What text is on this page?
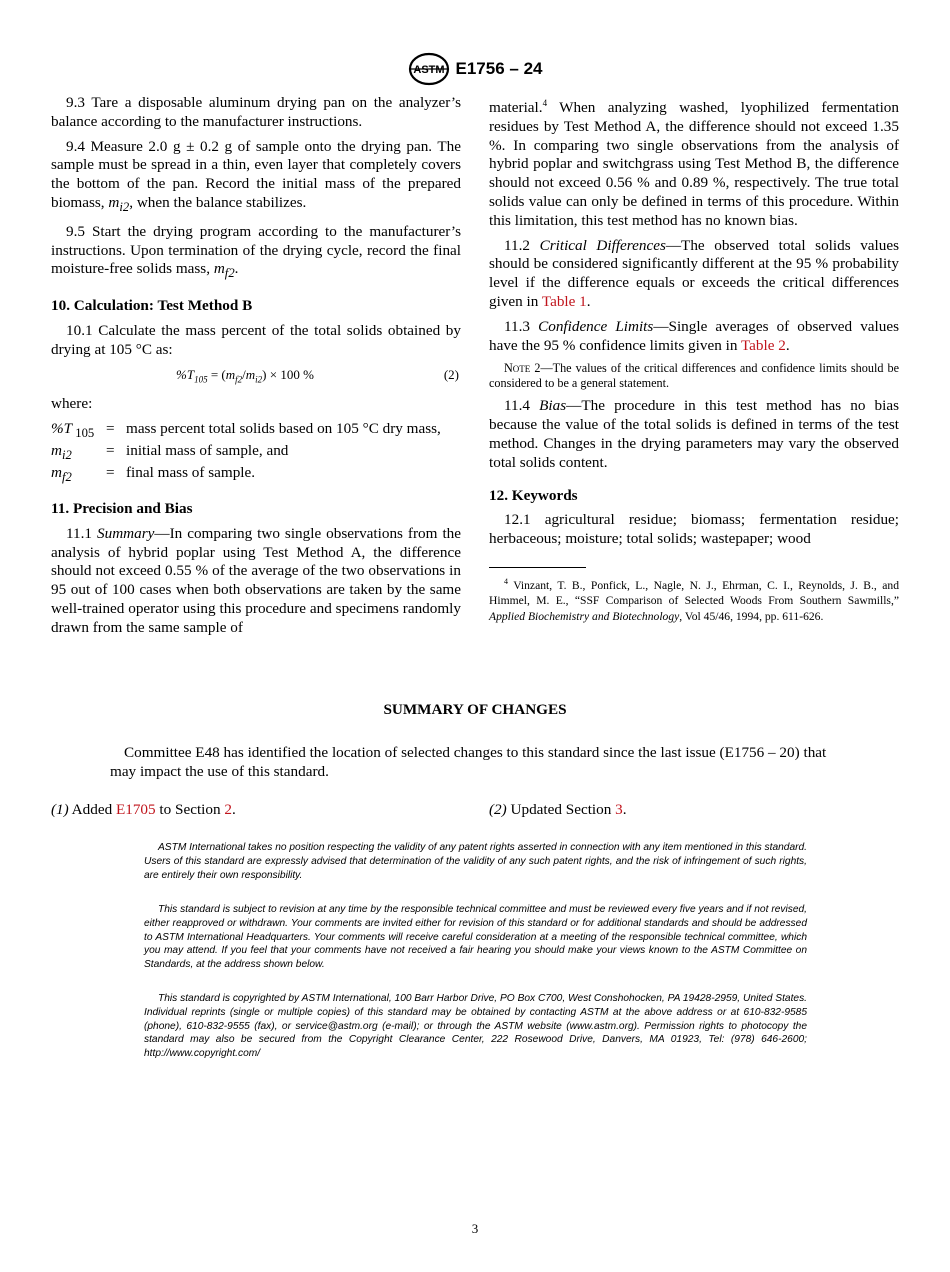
ASTM E1756 – 24

9.3 Tare a disposable aluminum drying pan on the analyzer’s balance according to the manufacturer instructions.

9.4 Measure 2.0 g ± 0.2 g of sample onto the drying pan. The sample must be spread in a thin, even layer that completely covers the bottom of the pan. Record the initial mass of the prepared biomass, $m_{i2}$, when the balance stabilizes.

9.5 Start the drying program according to the manufacturer’s instructions. Upon termination of the drying cycle, record the final moisture-free solids mass, $m_{f2}$.

10. Calculation: Test Method B

10.1 Calculate the mass percent of the total solids obtained by drying at 105 °C as:

$\%T_{105} = (m_{f2}/m_{i2}) \times 100$ %	(2)

where:

%T $_{105}$	=	mass percent total solids based on 105 °C dry mass,
$m_{i2}$	=	initial mass of sample, and
$m_{f2}$	=	final mass of sample.
11. Precision and Bias

11.1 Summary—In comparing two single observations from the analysis of hybrid poplar using Test Method A, the difference should not exceed 0.55 % of the average of the two observations in 95 out of 100 cases when both observations are taken by the same well-trained operator using this procedure and specimens randomly drawn from the same sample of

material.$^4$ When analyzing washed, lyophilized fermentation residues by Test Method A, the difference should not exceed 1.35 %. In comparing two single observations from the analysis of hybrid poplar and switchgrass using Test Method B, the difference should not exceed 0.56 % and 0.89 %, respectively. The true total solids value can only be defined in terms of this procedure. Within this limitation, this test method has no known bias.

11.2 Critical Differences—The observed total solids values should be considered significantly different at the 95 % probability level if the difference equals or exceeds the critical differences given in Table 1.

11.3 Confidence Limits—Single averages of observed values have the 95 % confidence limits given in Table 2.

Note 2—The values of the critical differences and confidence limits should be considered to be a general statement.

11.4 Bias—The procedure in this test method has no bias because the value of the total solids is defined in terms of the test method. Changes in the drying parameters may vary the observed total solids content.

12. Keywords

12.1 agricultural residue; biomass; fermentation residue; herbaceous; moisture; total solids; wastepaper; wood

$^4$ Vinzant, T. B., Ponfick, L., Nagle, N. J., Ehrman, C. I., Reynolds, J. B., and Himmel, M. E., “SSF Comparison of Selected Woods From Southern Sawmills,” Applied Biochemistry and Biotechnology, Vol 45/46, 1994, pp. 611-626.

SUMMARY OF CHANGES

Committee E48 has identified the location of selected changes to this standard since the last issue (E1756 – 20) that may impact the use of this standard.

(1) Added E1705 to Section 2.	(2) Updated Section 3.

ASTM International takes no position respecting the validity of any patent rights asserted in connection with any item mentioned in this standard. Users of this standard are expressly advised that determination of the validity of any such patent rights, and the risk of infringement of such rights, are entirely their own responsibility.

This standard is subject to revision at any time by the responsible technical committee and must be reviewed every five years and if not revised, either reapproved or withdrawn. Your comments are invited either for revision of this standard or for additional standards and should be addressed to ASTM International Headquarters. Your comments will receive careful consideration at a meeting of the responsible technical committee, which you may attend. If you feel that your comments have not received a fair hearing you should make your views known to the ASTM Committee on Standards, at the address shown below.

This standard is copyrighted by ASTM International, 100 Barr Harbor Drive, PO Box C700, West Conshohocken, PA 19428-2959, United States. Individual reprints (single or multiple copies) of this standard may be obtained by contacting ASTM at the above address or at 610-832-9585 (phone), 610-832-9555 (fax), or service@astm.org (e-mail); or through the ASTM website (www.astm.org). Permission rights to photocopy the standard may also be secured from the Copyright Clearance Center, 222 Rosewood Drive, Danvers, MA 01923, Tel: (978) 646-2600; http://www.copyright.com/

3
